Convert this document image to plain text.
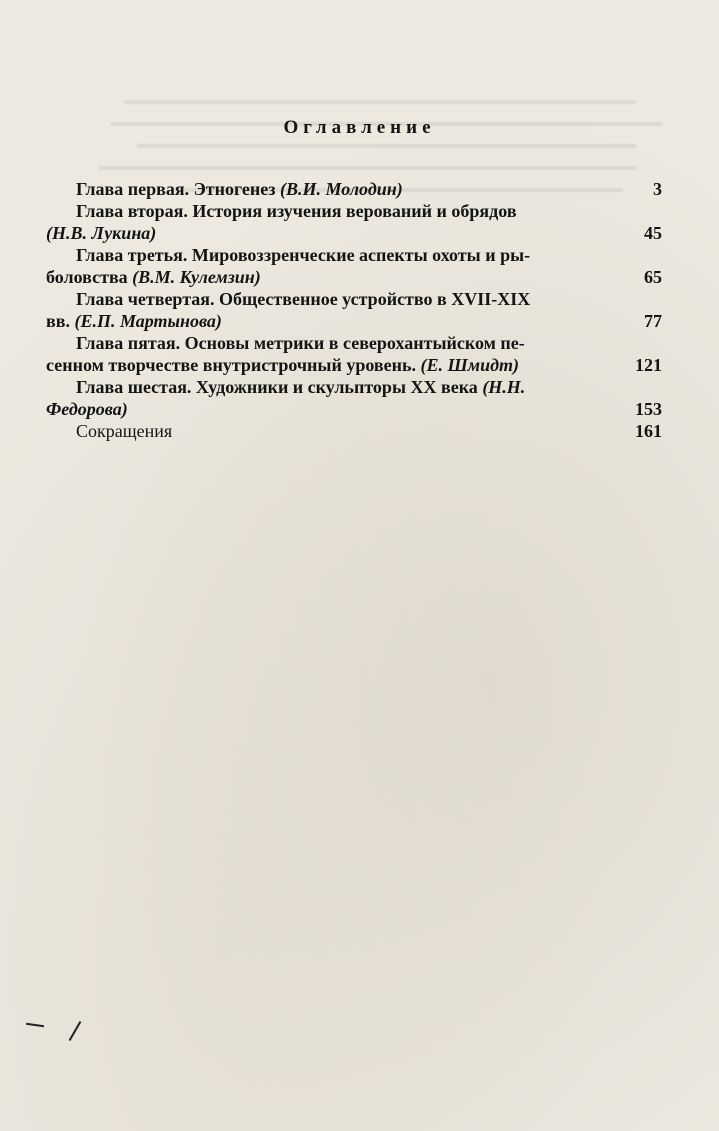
Оглавление
Глава первая. Этногенез (В.И. Молодин)	3
Глава вторая. История изучения верований и обрядов
(Н.В. Лукина)	45
Глава третья. Мировоззренческие аспекты охоты и ры-
боловства (В.М. Кулемзин)	65
Глава четвертая. Общественное устройство в XVII-XIX
вв. (Е.П. Мартынова)	77
Глава пятая. Основы метрики в северохантыйском пе-
сенном творчестве внутристрочный уровень. (Е. Шмидт)	121
Глава шестая. Художники и скульпторы XX века (Н.Н.
Федорова)	153
Сокращения	161
